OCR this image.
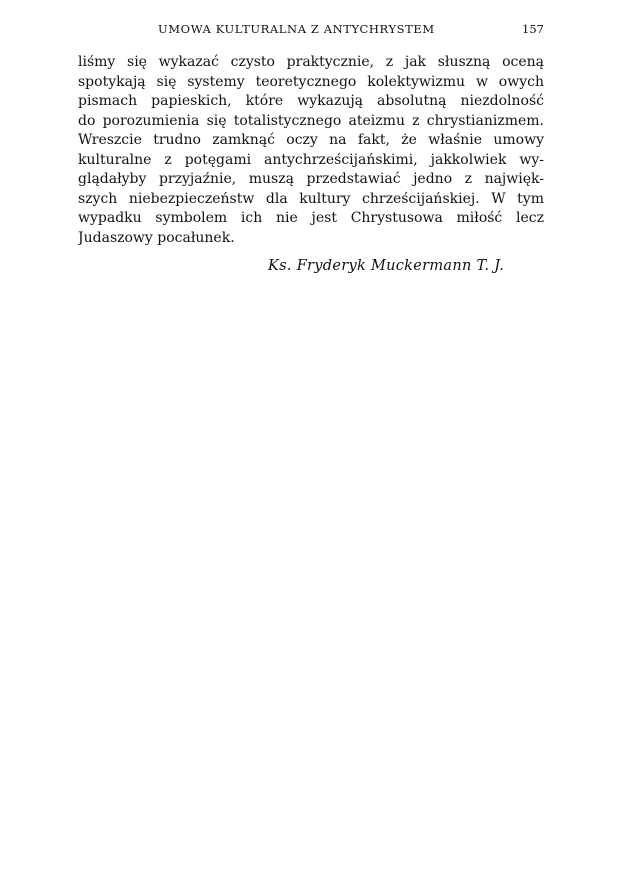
UMOWA KULTURALNA Z ANTYCHRYSTEM	157
liśmy się wykazać czysto praktycznie, z jak słuszną oceną
spotykają się systemy teoretycznego kolektywizmu w owych
pismach papieskich, które wykazują absolutną niezdolność
do porozumienia się totalistycznego ateizmu z chrystianizmem.
Wreszcie trudno zamknąć oczy na fakt, że właśnie umowy
kulturalne z potęgami antychrześcijańskimi, jakkolwiek wy-
glądałyby przyjaźnie, muszą przedstawiać jedno z najwięk-
szych niebezpieczeństw dla kultury chrześcijańskiej. W tym
wypadku symbolem ich nie jest Chrystusowa miłość lecz
Judaszowy pocałunek.
Ks. Fryderyk Muckermann T. J.
